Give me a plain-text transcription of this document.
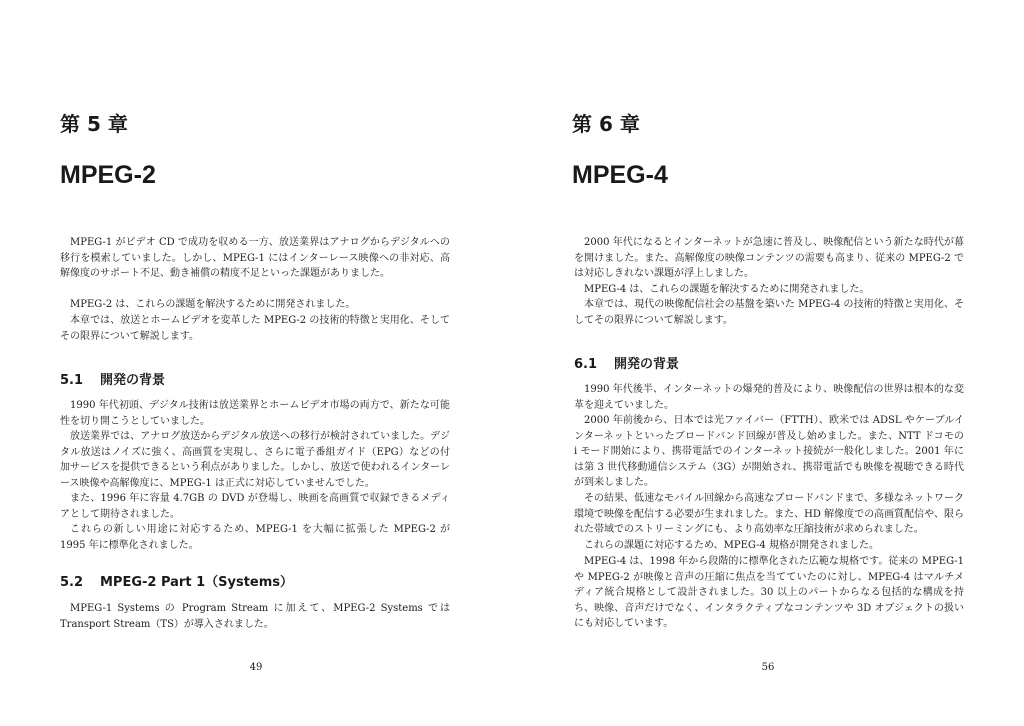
第 5 章
MPEG-2

MPEG-1 がビデオ CD で成功を収める一方、放送業界はアナログからデジタルへの移行を模索していました。しかし、MPEG-1 にはインターレース映像への非対応、高解像度のサポート不足、動き補償の精度不足といった課題がありました。

MPEG-2 は、これらの課題を解決するために開発されました。

本章では、放送とホームビデオを変革した MPEG-2 の技術的特徴と実用化、そしてその限界について解説します。

5.1 開発の背景

1990 年代初頭、デジタル技術は放送業界とホームビデオ市場の両方で、新たな可能性を切り開こうとしていました。

放送業界では、アナログ放送からデジタル放送への移行が検討されていました。デジタル放送はノイズに強く、高画質を実現し、さらに電子番組ガイド（EPG）などの付加サービスを提供できるという利点がありました。しかし、放送で使われるインターレース映像や高解像度に、MPEG-1 は正式に対応していませんでした。

また、1996 年に容量 4.7GB の DVD が登場し、映画を高画質で収録できるメディアとして期待されました。

これらの新しい用途に対応するため、MPEG-1 を大幅に拡張した MPEG-2 が 1995 年に標準化されました。

5.2 MPEG-2 Part 1（Systems）

MPEG-1 Systems の Program Stream に加えて、MPEG-2 Systems では Transport Stream（TS）が導入されました。

49
第 6 章
MPEG-4

2000 年代になるとインターネットが急速に普及し、映像配信という新たな時代が幕を開けました。また、高解像度の映像コンテンツの需要も高まり、従来の MPEG-2 では対応しきれない課題が浮上しました。

MPEG-4 は、これらの課題を解決するために開発されました。

本章では、現代の映像配信社会の基盤を築いた MPEG-4 の技術的特徴と実用化、そしてその限界について解説します。

6.1 開発の背景

1990 年代後半、インターネットの爆発的普及により、映像配信の世界は根本的な変革を迎えていました。

2000 年前後から、日本では光ファイバー（FTTH）、欧米では ADSL やケーブルインターネットといったブロードバンド回線が普及し始めました。また、NTT ドコモの i モード開始により、携帯電話でのインターネット接続が一般化しました。2001 年には第 3 世代移動通信システム（3G）が開始され、携帯電話でも映像を視聴できる時代が到来しました。

その結果、低速なモバイル回線から高速なブロードバンドまで、多様なネットワーク環境で映像を配信する必要が生まれました。また、HD 解像度での高画質配信や、限られた帯域でのストリーミングにも、より高効率な圧縮技術が求められました。

これらの課題に対応するため、MPEG-4 規格が開発されました。

MPEG-4 は、1998 年から段階的に標準化された広範な規格です。従来の MPEG-1 や MPEG-2 が映像と音声の圧縮に焦点を当てていたのに対し、MPEG-4 はマルチメディア統合規格として設計されました。30 以上のパートからなる包括的な構成を持ち、映像、音声だけでなく、インタラクティブなコンテンツや 3D オブジェクトの扱いにも対応しています。

56
